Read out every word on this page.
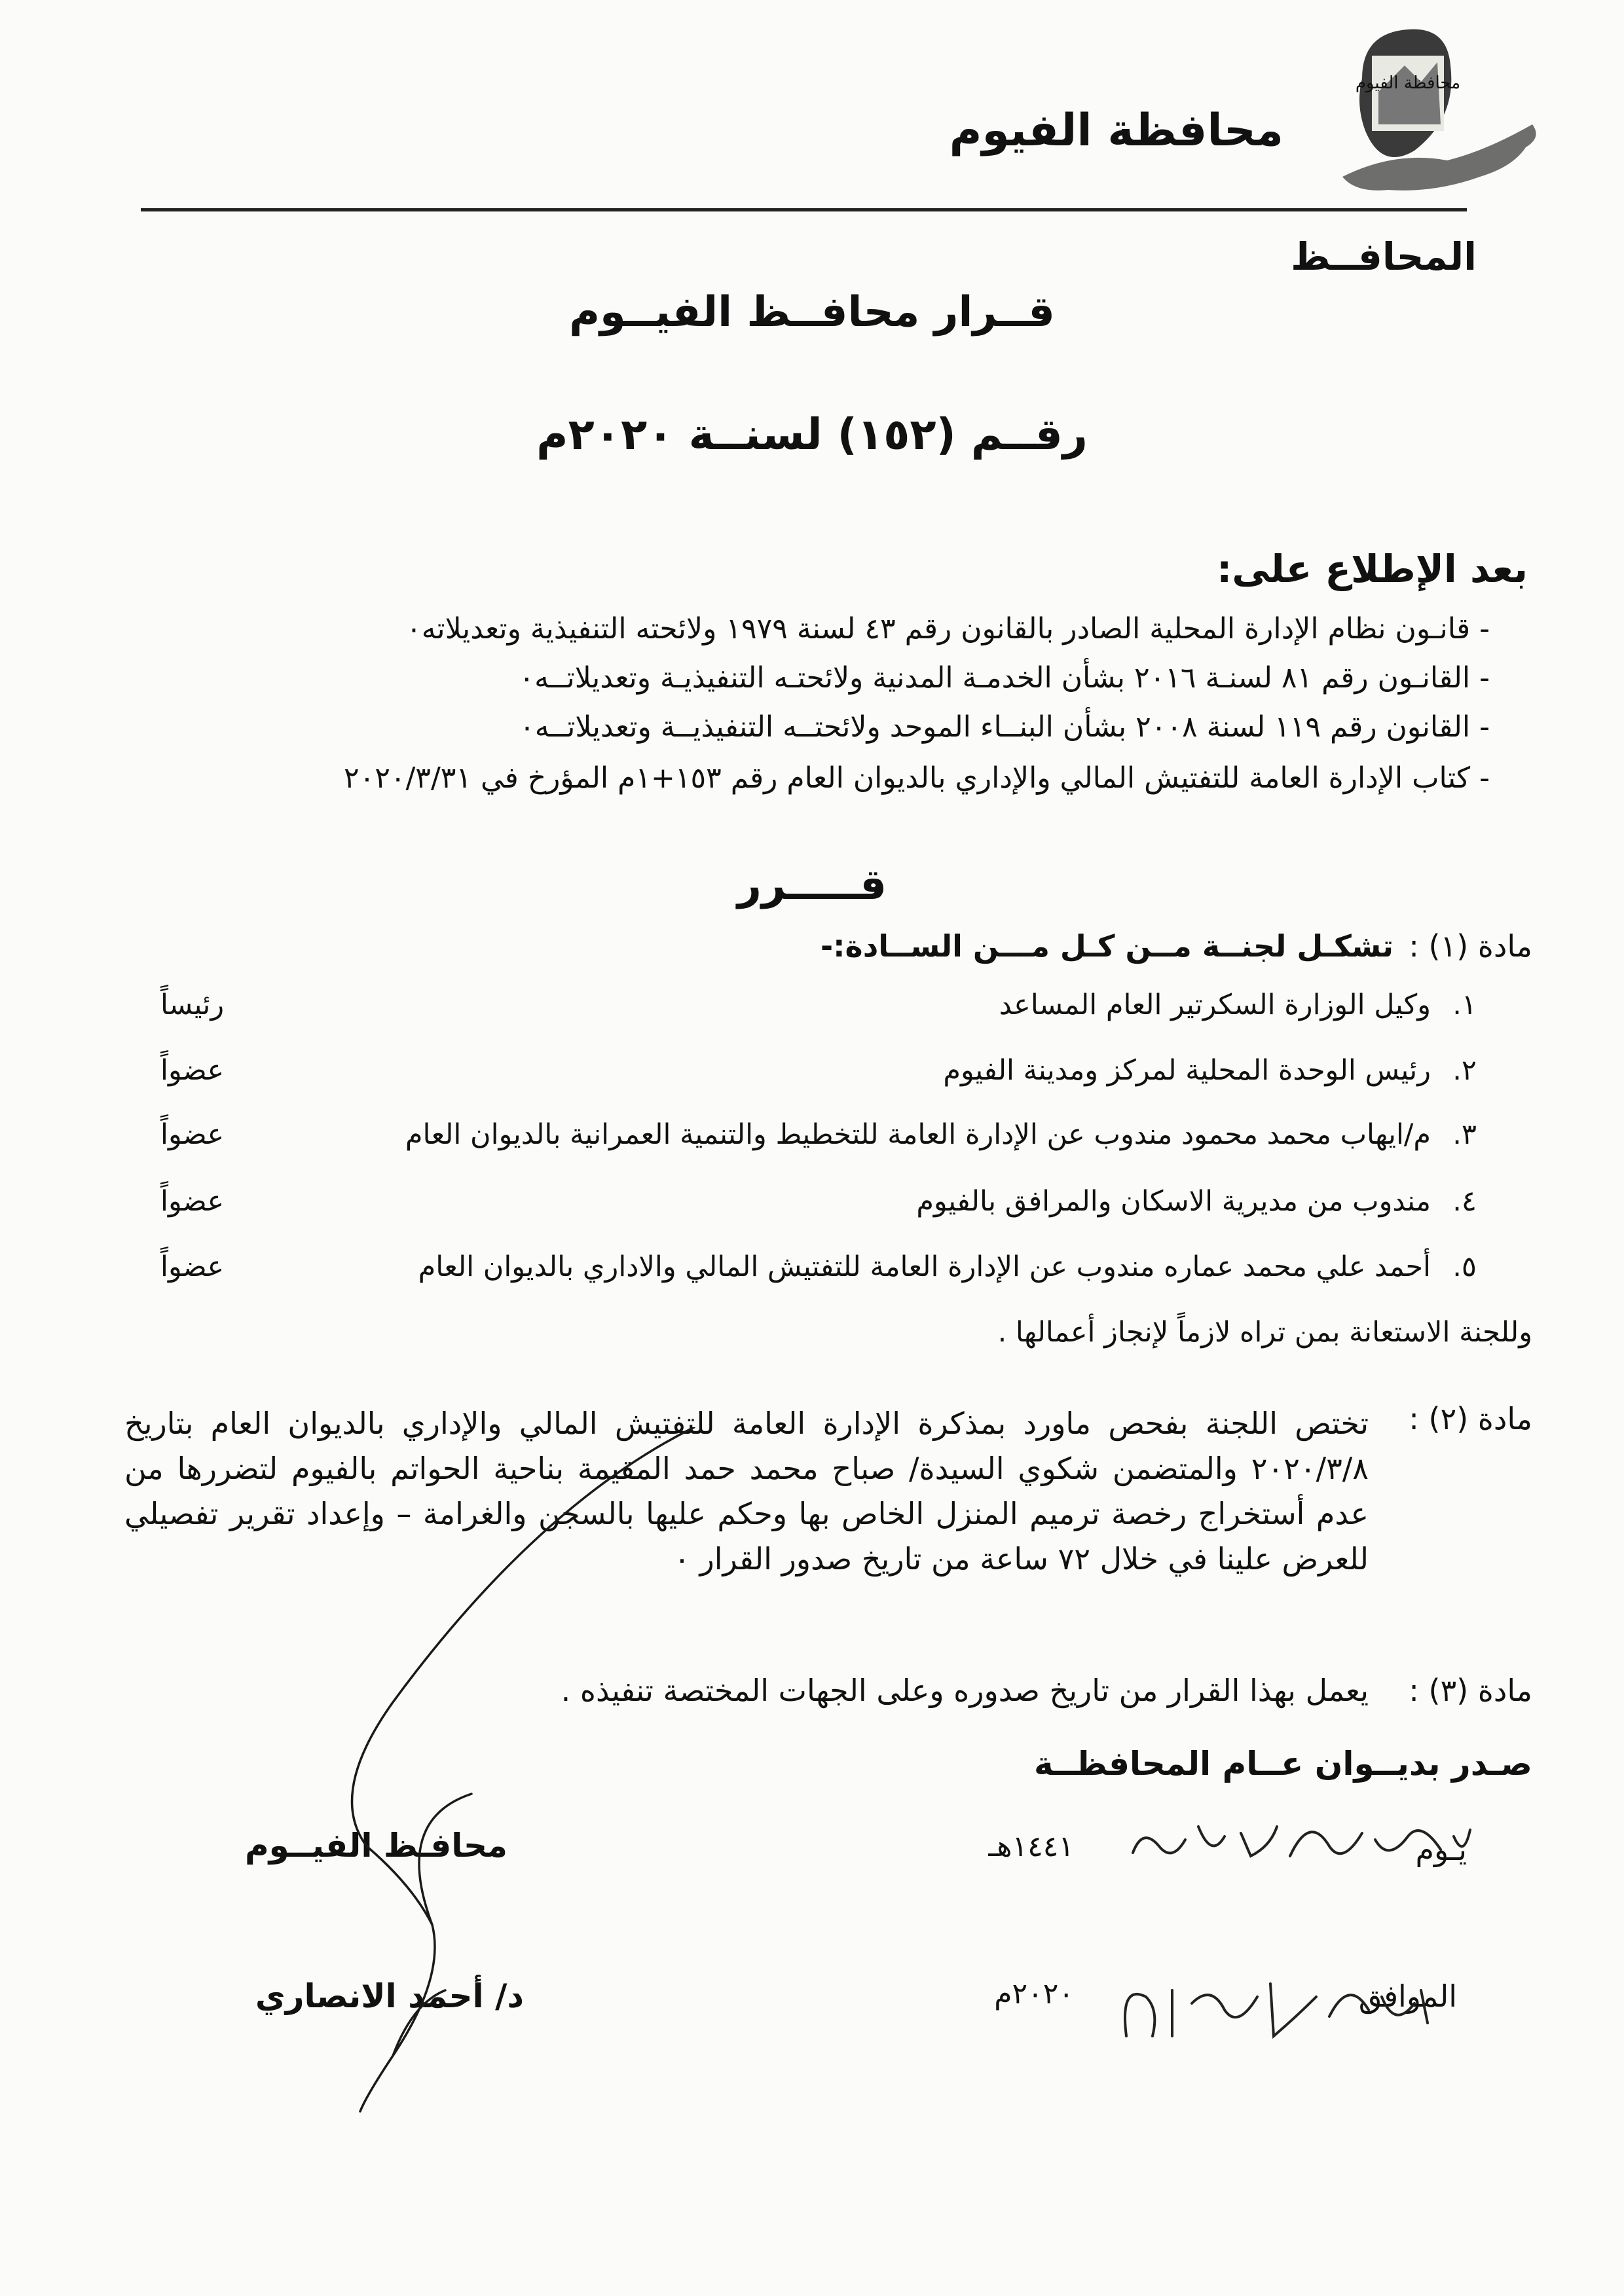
محافظة الفيوم
محافظة الفيوم
المحافــظ
قــرار محافــظ الفيــوم
رقــم (١٥٢) لسنــة ٢٠٢٠م
بعد الإطلاع على:
- قانـون نظام الإدارة المحلية الصادر بالقانون رقم ٤٣ لسنة ١٩٧٩ ولائحته التنفيذية وتعديلاته٠
- القانـون رقم ٨١ لسنـة ٢٠١٦ بشأن الخدمـة المدنية ولائحتـه التنفيذيـة وتعديلاتــه٠
- القانون رقم ١١٩ لسنة ٢٠٠٨ بشأن البنــاء الموحد ولائحتــه التنفيذيــة وتعديلاتــه٠
- كتاب الإدارة العامة للتفتيش المالي والإداري بالديوان العام رقم ١٥٣+١م المؤرخ في ٢٠٢٠/٣/٣١
قـــــرر
مادة (١) :
تشكـل لجنــة مــن كـل مـــن الســادة:-
١.
وكيل الوزارة السكرتير العام المساعد
رئيساً
٢.
رئيس الوحدة المحلية لمركز ومدينة الفيوم
عضواً
٣.
م/ايهاب محمد محمود مندوب عن الإدارة العامة للتخطيط والتنمية العمرانية بالديوان العام
عضواً
٤.
مندوب من مديرية الاسكان والمرافق بالفيوم
عضواً
٥.
أحمد علي محمد عماره مندوب عن الإدارة العامة للتفتيش المالي والاداري بالديوان العام
عضواً
وللجنة الاستعانة بمن تراه لازماً لإنجاز أعمالها .
مادة (٢) :
تختص اللجنة بفحص ماورد بمذكرة الإدارة العامة للتفتيش المالي والإداري بالديوان العام بتاريخ ٢٠٢٠/٣/٨ والمتضمن شكوي السيدة/ صباح محمد حمد المقيمة بناحية الحواتم بالفيوم لتضررها من عدم أستخراج رخصة ترميم المنزل الخاص بها وحكم عليها بالسجن والغرامة – وإعداد تقرير تفصيلي للعرض علينا في خلال ٧٢ ساعة من تاريخ صدور القرار ٠
مادة (٣) :
يعمل بهذا القرار من تاريخ صدوره وعلى الجهات المختصة تنفيذه .
صـدر بديــوان عــام المحافظــة
محافـظ الفيــوم
د/ أحمد الانصاري
يـوم
١٤٤١هـ
الموافق
٢٠٢٠م
